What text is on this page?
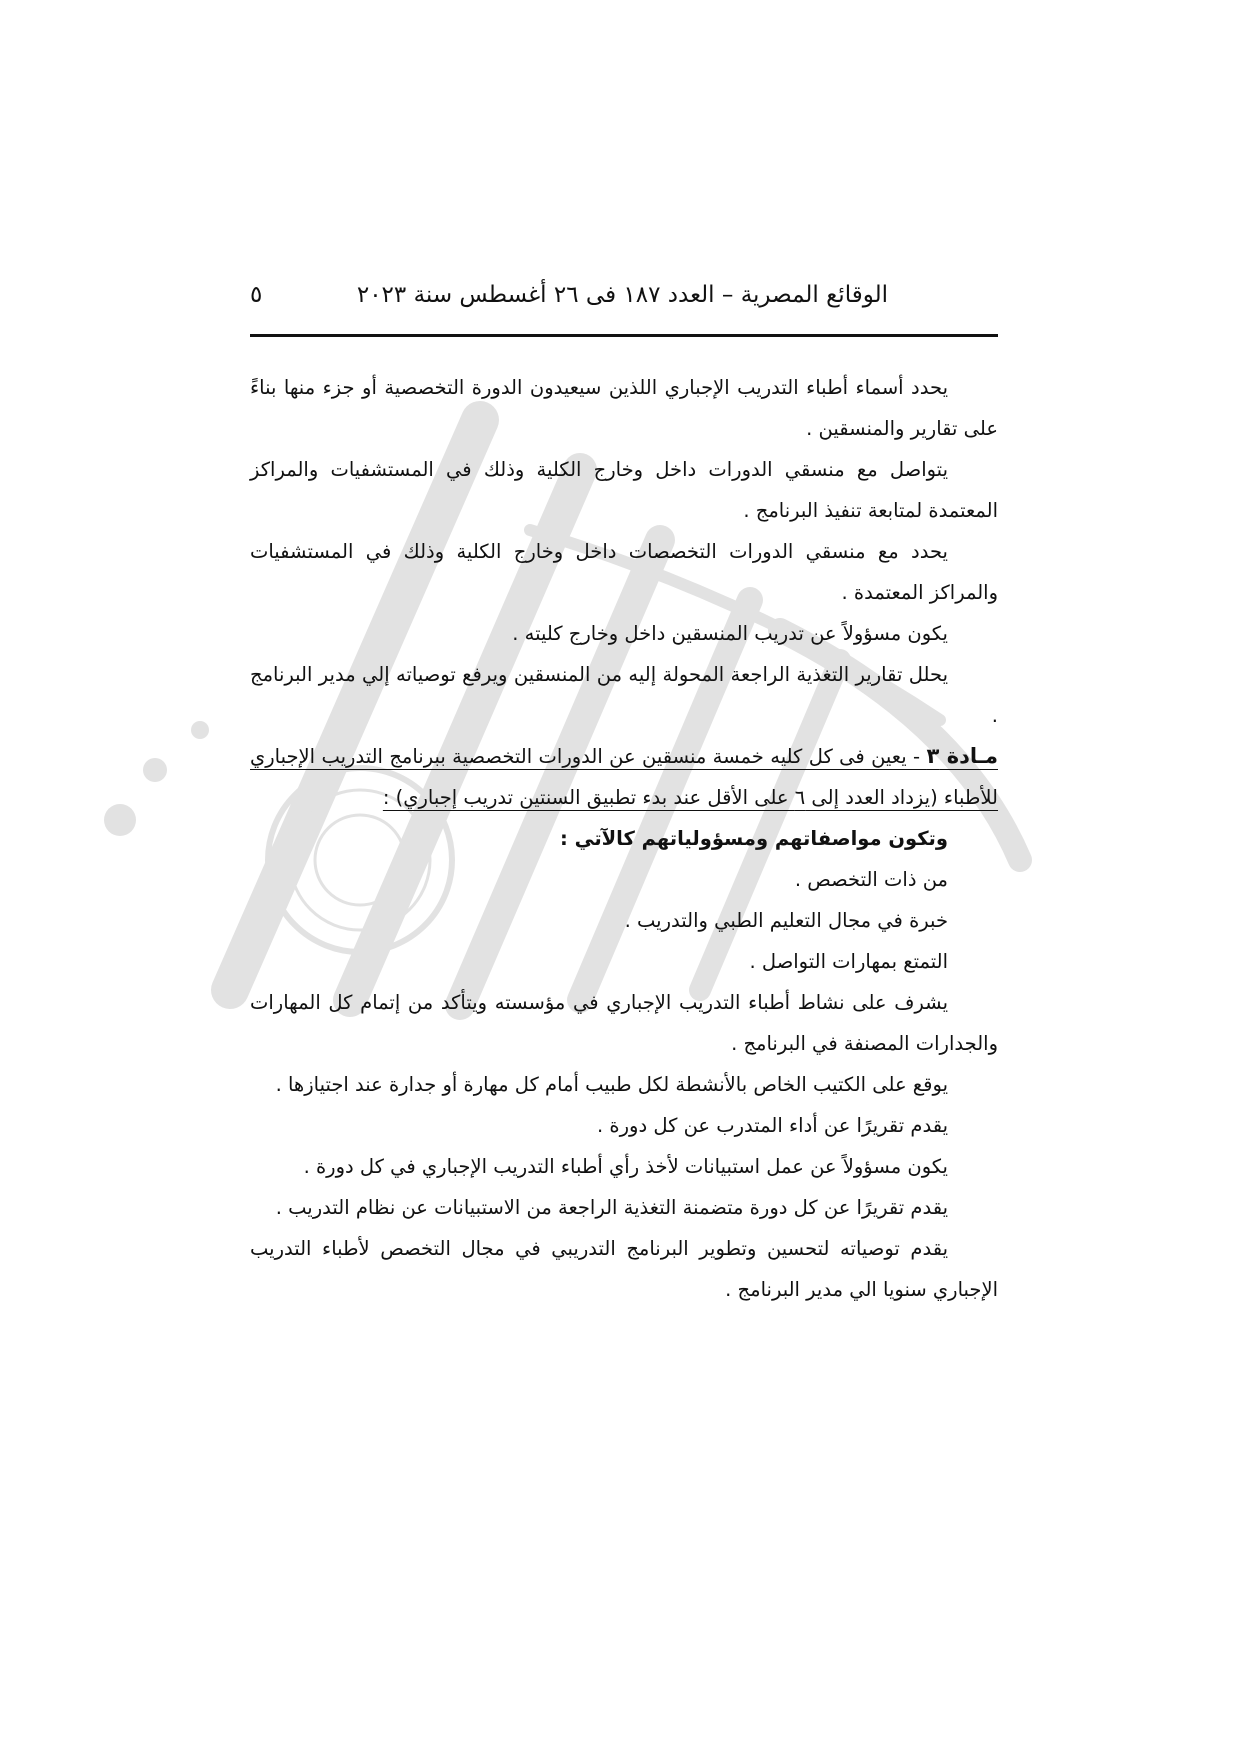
الوقائع المصرية – العدد ١٨٧ فى ٢٦ أغسطس سنة ٢٠٢٣
٥

يحدد أسماء أطباء التدريب الإجباري اللذين سيعيدون الدورة التخصصية أو جزء منها بناءً على تقارير والمنسقين .

يتواصل مع منسقي الدورات داخل وخارج الكلية وذلك في المستشفيات والمراكز المعتمدة لمتابعة تنفيذ البرنامج .

يحدد مع منسقي الدورات التخصصات داخل وخارج الكلية وذلك في المستشفيات والمراكز المعتمدة .

يكون مسؤولاً عن تدريب المنسقين داخل وخارج كليته .

يحلل تقارير التغذية الراجعة المحولة إليه من المنسقين ويرفع توصياته إلي مدير البرنامج .

مـادة ٣ - يعين فى كل كليه خمسة منسقين عن الدورات التخصصية ببرنامج التدريب الإجباري للأطباء (يزداد العدد إلى ٦ على الأقل عند بدء تطبيق السنتين تدريب إجباري) :

وتكون مواصفاتهم ومسؤولياتهم كالآتي :

من ذات التخصص .

خبرة في مجال التعليم الطبي والتدريب .

التمتع بمهارات التواصل .

يشرف على نشاط أطباء التدريب الإجباري في مؤسسته ويتأكد من إتمام كل المهارات والجدارات المصنفة في البرنامج .

يوقع على الكتيب الخاص بالأنشطة لكل طبيب أمام كل مهارة أو جدارة عند اجتيازها .

يقدم تقريرًا عن أداء المتدرب عن كل دورة .

يكون مسؤولاً عن عمل استبيانات لأخذ رأي أطباء التدريب الإجباري في كل دورة .

يقدم تقريرًا عن كل دورة متضمنة التغذية الراجعة من الاستبيانات عن نظام التدريب .

يقدم توصياته لتحسين وتطوير البرنامج التدريبي في مجال التخصص لأطباء التدريب الإجباري سنويا الي مدير البرنامج .
